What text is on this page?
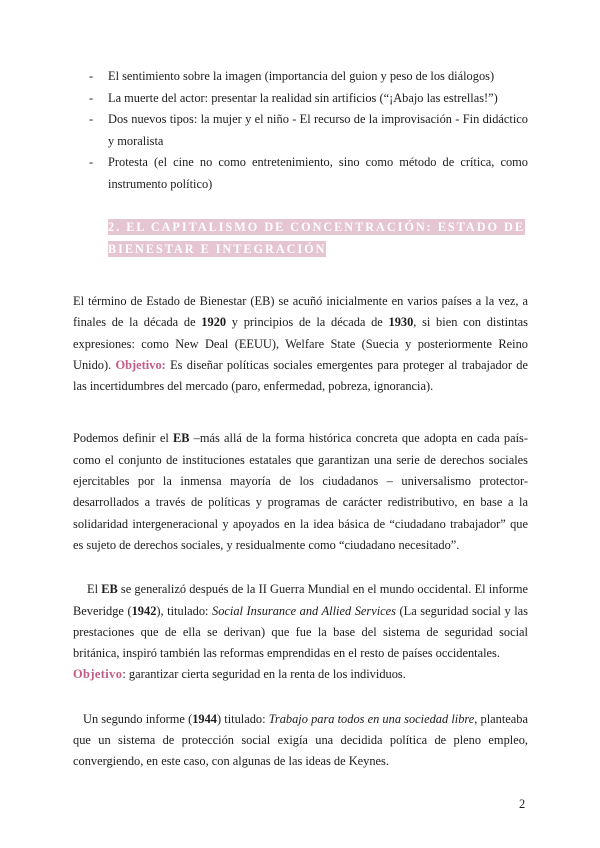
- El sentimiento sobre la imagen (importancia del guion y peso de los diálogos)
- La muerte del actor: presentar la realidad sin artificios (“¡Abajo las estrellas!”)
- Dos nuevos tipos: la mujer y el niño - El recurso de la improvisación - Fin didáctico y moralista
- Protesta (el cine no como entretenimiento, sino como método de crítica, como instrumento político)
2. EL CAPITALISMO DE CONCENTRACIÓN: ESTADO DE BIENESTAR E INTEGRACIÓN

El término de Estado de Bienestar (EB) se acuñó inicialmente en varios países a la vez, a finales de la década de 1920 y principios de la década de 1930, si bien con distintas expresiones: como New Deal (EEUU), Welfare State (Suecia y posteriormente Reino Unido). Objetivo: Es diseñar políticas sociales emergentes para proteger al trabajador de las incertidumbres del mercado (paro, enfermedad, pobreza, ignorancia).

Podemos definir el EB –más allá de la forma histórica concreta que adopta en cada país- como el conjunto de instituciones estatales que garantizan una serie de derechos sociales ejercitables por la inmensa mayoría de los ciudadanos – universalismo protector- desarrollados a través de políticas y programas de carácter redistributivo, en base a la solidaridad intergeneracional y apoyados en la idea básica de “ciudadano trabajador” que es sujeto de derechos sociales, y residualmente como “ciudadano necesitado”.

El EB se generalizó después de la II Guerra Mundial en el mundo occidental. El informe Beveridge (1942), titulado: Social Insurance and Allied Services (La seguridad social y las prestaciones que de ella se derivan) que fue la base del sistema de seguridad social británica, inspiró también las reformas emprendidas en el resto de países occidentales.

Objetivo: garantizar cierta seguridad en la renta de los individuos.

Un segundo informe (1944) titulado: Trabajo para todos en una sociedad libre, planteaba que un sistema de protección social exigía una decidida política de pleno empleo, convergiendo, en este caso, con algunas de las ideas de Keynes.

2
